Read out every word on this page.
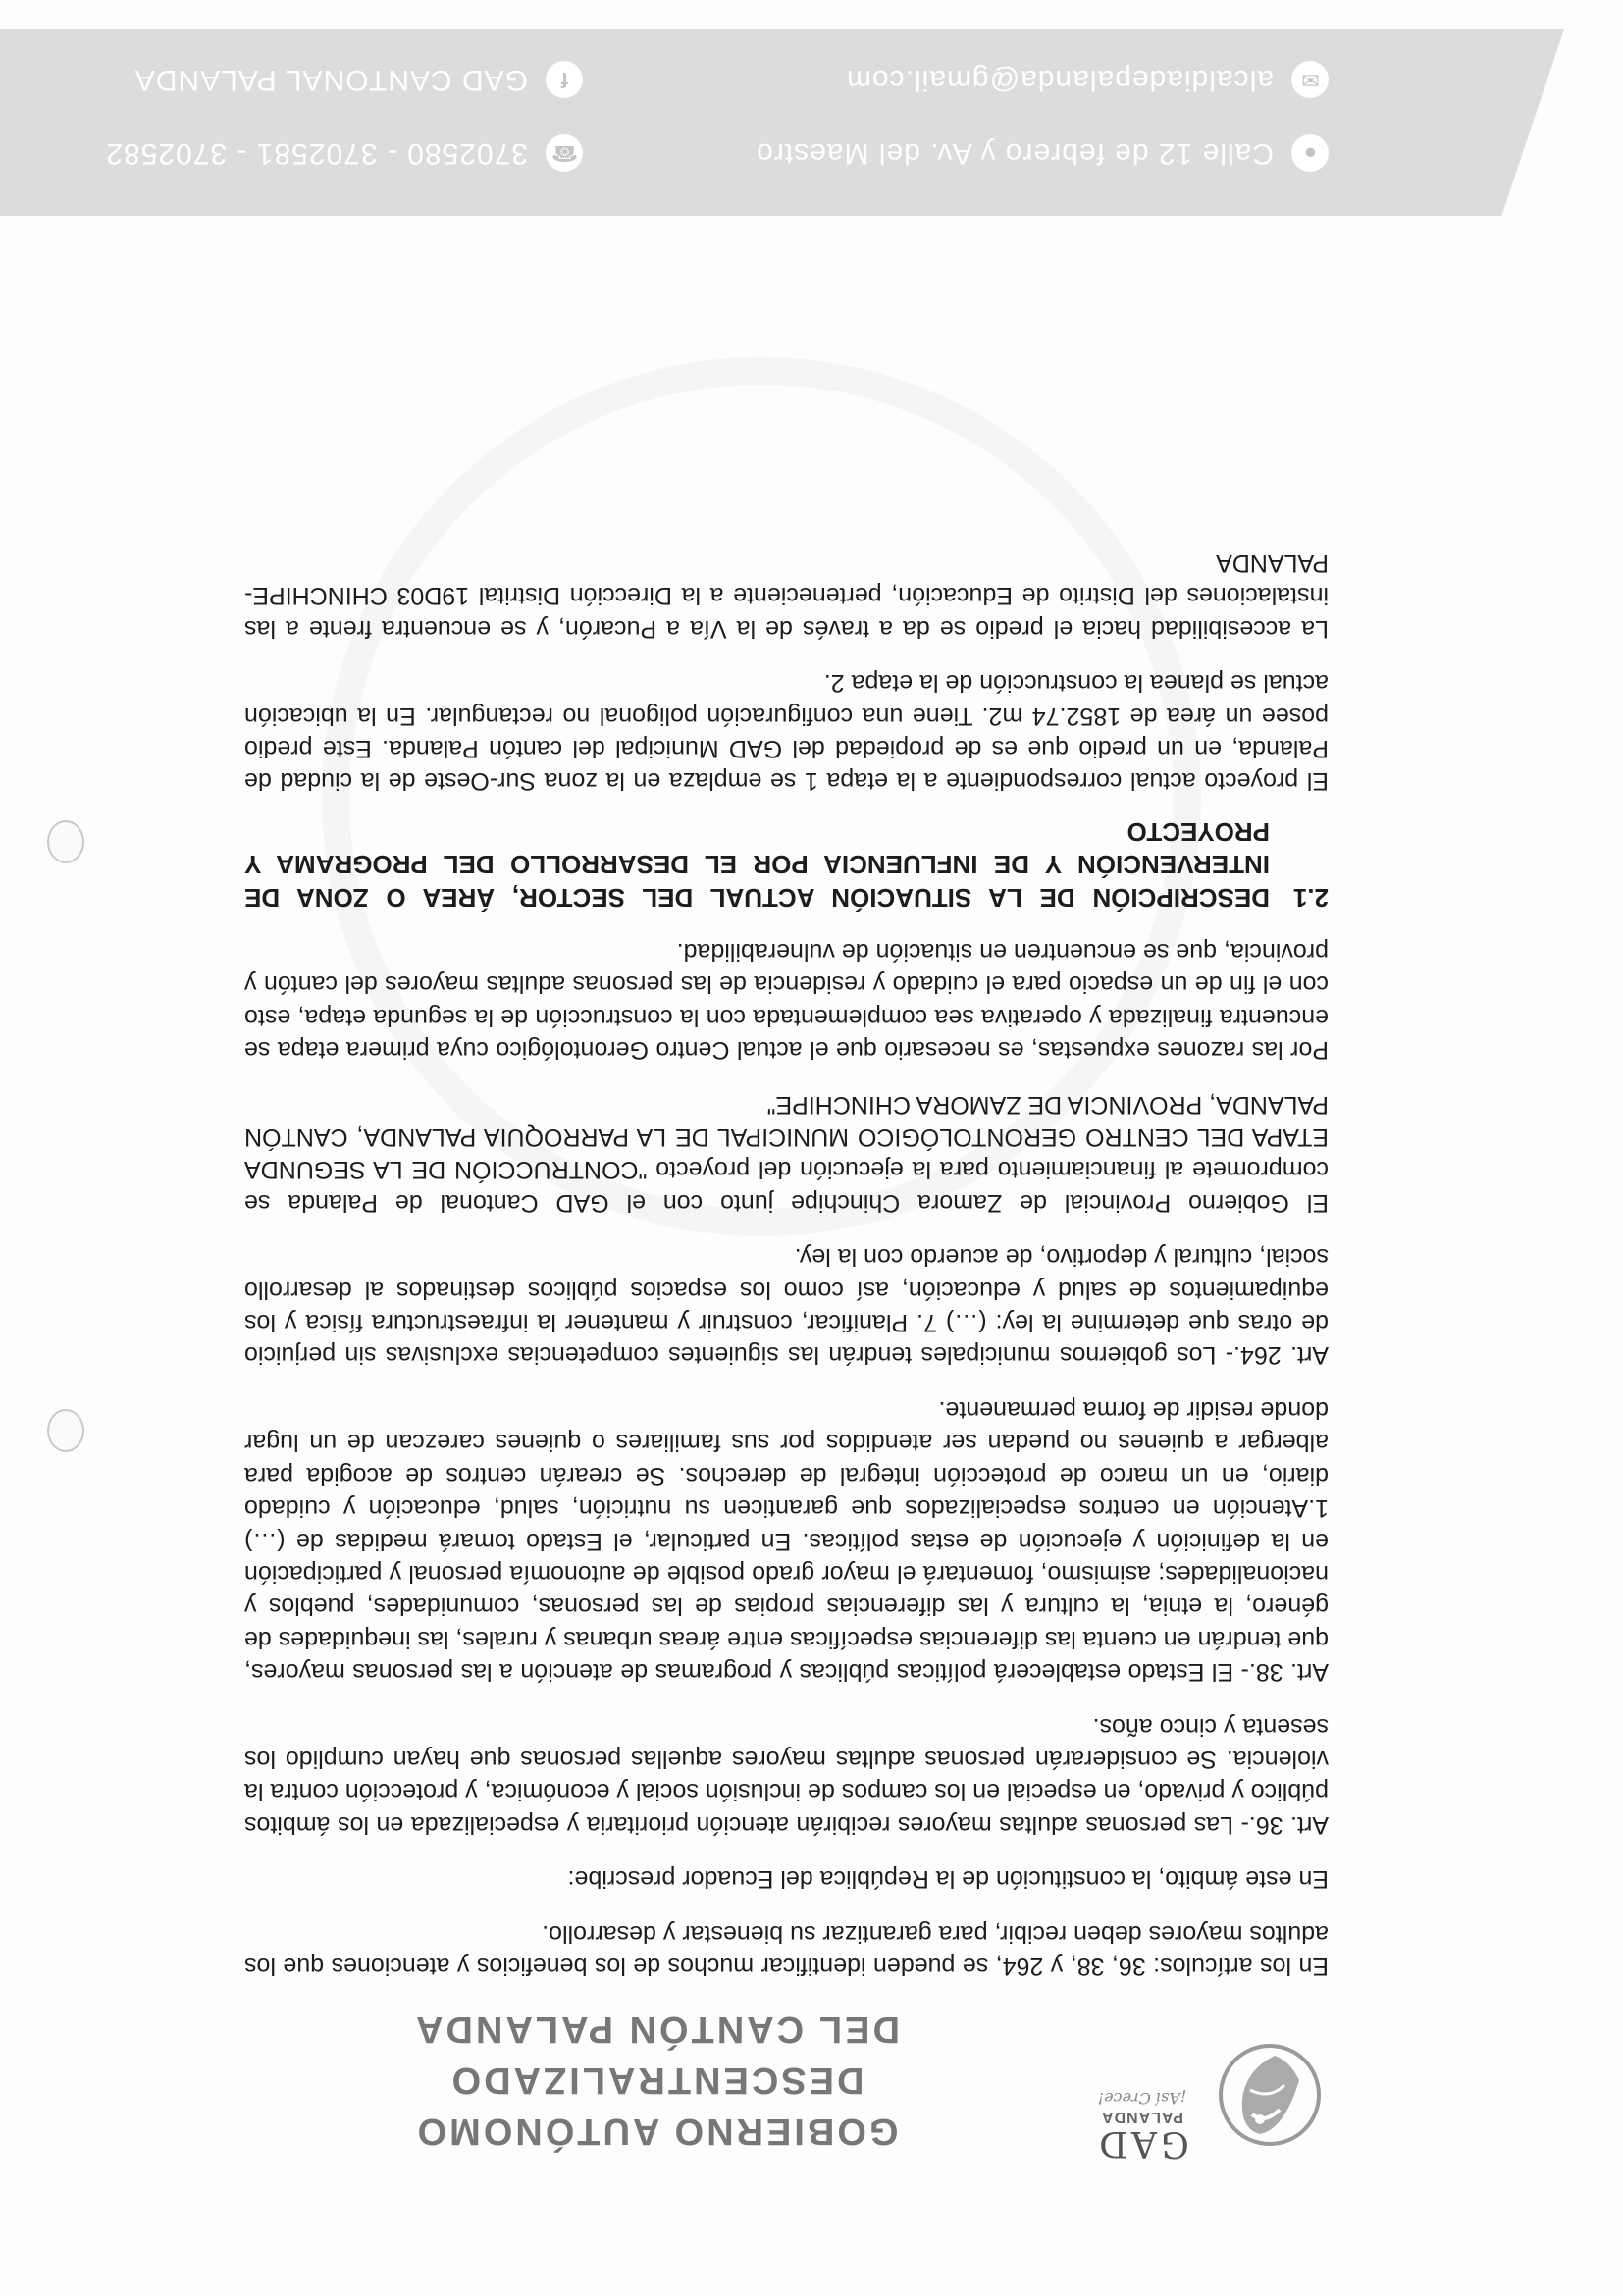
GAD
PALANDA
¡Así Crece!
GOBIERNO AUTÓNOMO DESCENTRALIZADO
DEL CANTÓN PALANDA

En los artículos: 36, 38, y 264, se pueden identificar muchos de los beneficios y atenciones que los adultos mayores deben recibir, para garantizar su bienestar y desarrollo.

En este ámbito, la constitución de la República del Ecuador prescribe:

Art. 36.- Las personas adultas mayores recibirán atención prioritaria y especializada en los ámbitos público y privado, en especial en los campos de inclusión social y económica, y protección contra la violencia. Se considerarán personas adultas mayores aquellas personas que hayan cumplido los sesenta y cinco años.

Art. 38.- El Estado establecerá políticas públicas y programas de atención a las personas mayores, que tendrán en cuenta las diferencias específicas entre áreas urbanas y rurales, las inequidades de género, la etnia, la cultura y las diferencias propias de las personas, comunidades, pueblos y nacionalidades; asimismo, fomentará el mayor grado posible de autonomía personal y participación en la definición y ejecución de estas políticas. En particular, el Estado tomará medidas de (…) 1.Atención en centros especializados que garanticen su nutrición, salud, educación y cuidado diario, en un marco de protección integral de derechos. Se crearán centros de acogida para albergar a quienes no puedan ser atendidos por sus familiares o quienes carezcan de un lugar donde residir de forma permanente.

Art. 264.- Los gobiernos municipales tendrán las siguientes competencias exclusivas sin perjuicio de otras que determine la ley: (…) 7. Planificar, construir y mantener la infraestructura física y los equipamientos de salud y educación, así como los espacios públicos destinados al desarrollo social, cultural y deportivo, de acuerdo con la ley.

El Gobierno Provincial de Zamora Chinchipe junto con el GAD Cantonal de Palanda se compromete al financiamiento para la ejecución del proyecto "CONTRUCCIÓN DE LA SEGUNDA ETAPA DEL CENTRO GERONTOLÓGICO MUNICIPAL DE LA PARROQUIA PALANDA, CANTÓN PALANDA, PROVINCIA DE ZAMORA CHINCHIPE"

Por las razones expuestas, es necesario que el actual Centro Gerontológico cuya primera etapa se encuentra finalizada y operativa sea complementada con la construcción de la segunda etapa, esto con el fin de un espacio para el cuidado y residencia de las personas adultas mayores del cantón y provincia, que se encuentren en situación de vulnerabilidad.

2.1
DESCRIPCIÓN DE LA SITUACIÓN ACTUAL DEL SECTOR, ÁREA O ZONA DE INTERVENCIÓN Y DE INFLUENCIA POR EL DESARROLLO DEL PROGRAMA Y PROYECTO

El proyecto actual correspondiente a la etapa 1 se emplaza en la zona Sur-Oeste de la ciudad de Palanda, en un predio que es de propiedad del GAD Municipal del cantón Palanda. Este predio posee un área de 1852.74 m2. Tiene una configuración poligonal no rectangular. En la ubicación actual se planea la construcción de la etapa 2.

La accesibilidad hacia el predio se da a través de la Vía a Pucarón, y se encuentra frente a las instalaciones del Distrito de Educación, perteneciente a la Dirección Distrital 19D03 CHINCHIPE-PALANDA

●
Calle 12 de febrero y Av. del Maestro
☎
3702580 - 3702581 - 3702582
✉
alcaldiadepalanda@gmail.com
f
GAD CANTONAL PALANDA
